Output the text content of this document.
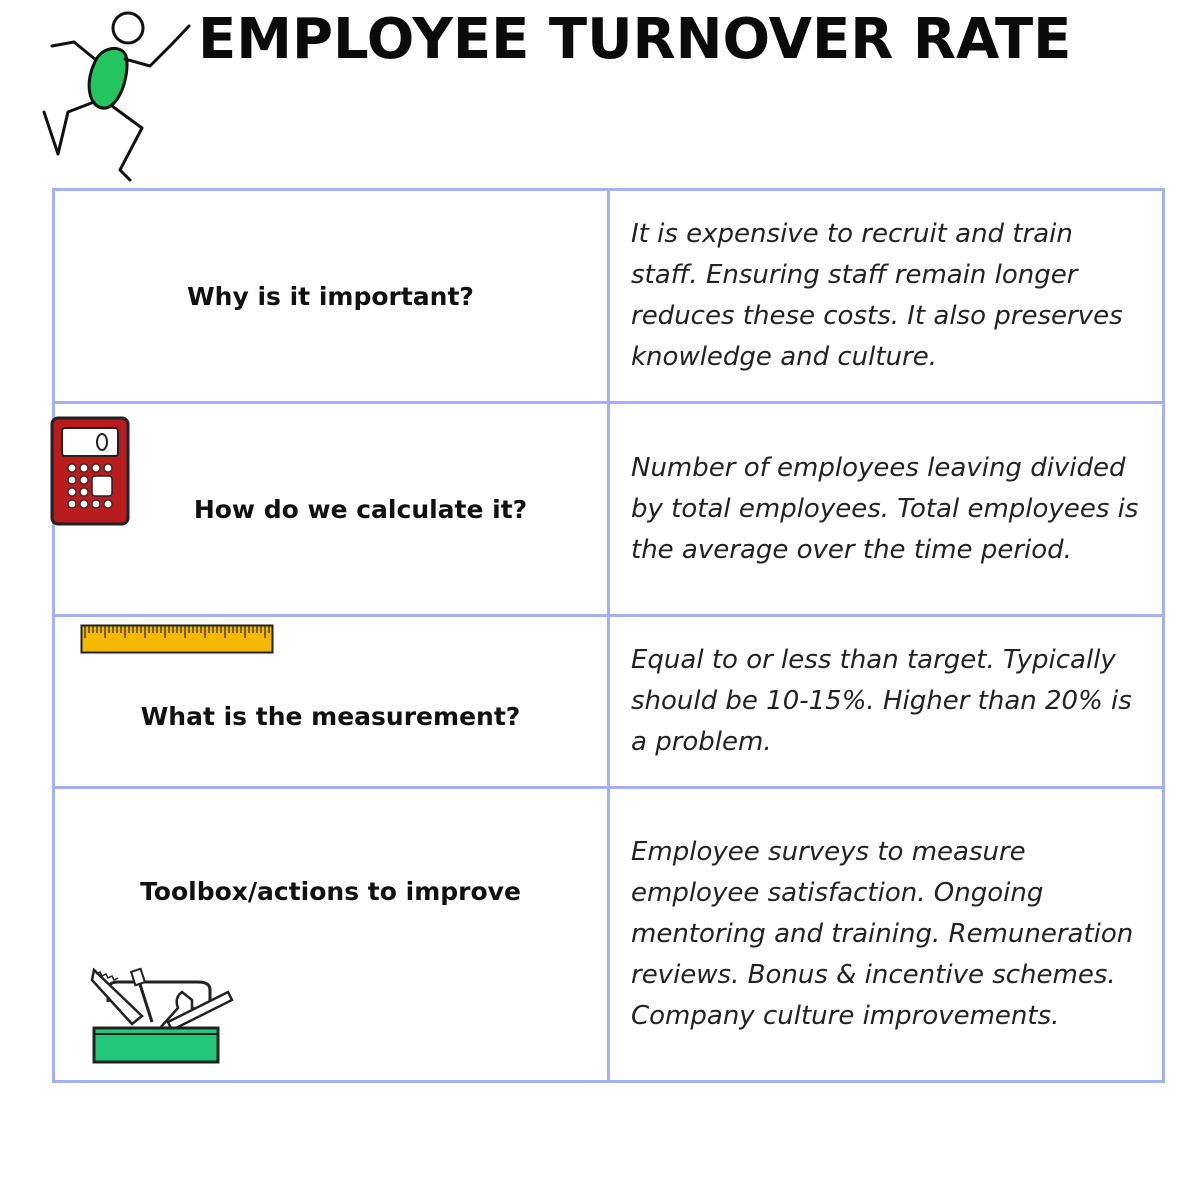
EMPLOYEE TURNOVER RATE
Why is it important?

It is expensive to recruit and train staff. Ensuring staff remain longer reduces these costs. It also preserves knowledge and culture.

How do we calculate it?

Number of employees leaving divided by total employees. Total employees is the average over the time period.

What is the measurement?

Equal to or less than target. Typically should be 10-15%. Higher than 20% is a problem.

Toolbox/actions to improve

Employee surveys to measure employee satisfaction. Ongoing mentoring and training. Remuneration reviews. Bonus & incentive schemes. Company culture improvements.
